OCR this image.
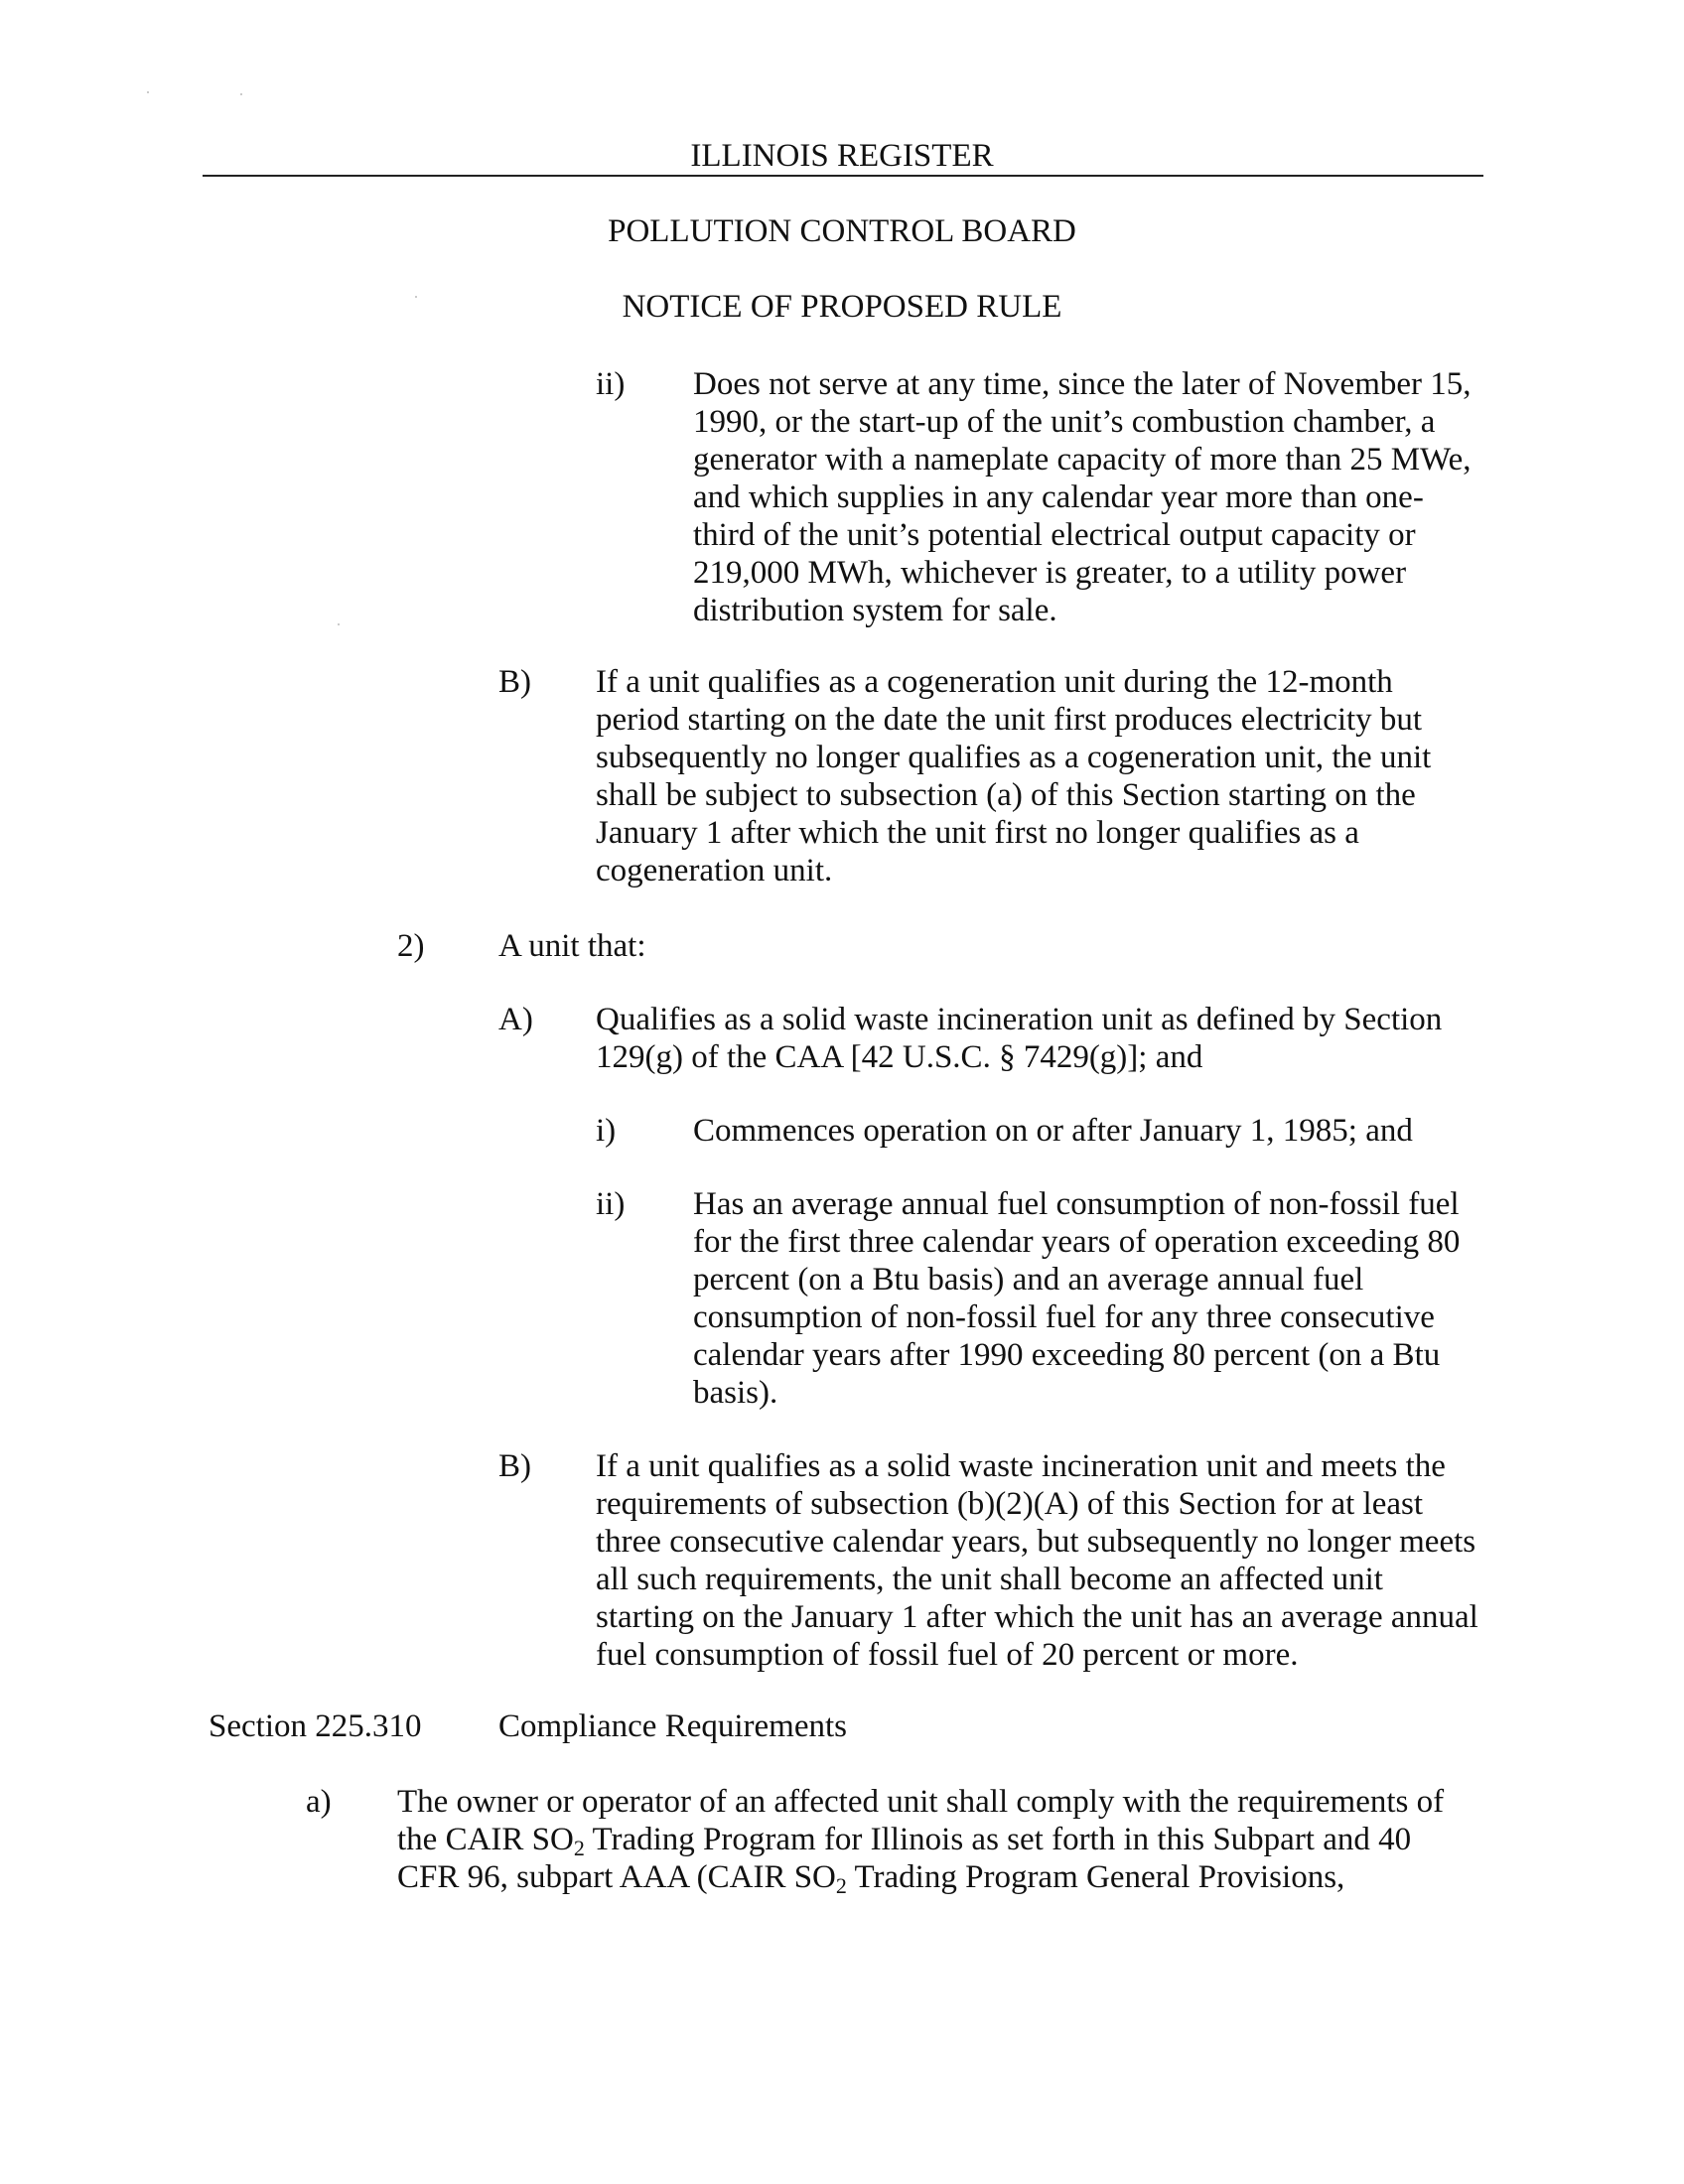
ILLINOIS REGISTER
POLLUTION CONTROL BOARD
NOTICE OF PROPOSED RULE
ii) Does not serve at any time, since the later of November 15,
1990, or the start-up of the unit’s combustion chamber, a
generator with a nameplate capacity of more than 25 MWe,
and which supplies in any calendar year more than one-
third of the unit’s potential electrical output capacity or
219,000 MWh, whichever is greater, to a utility power
distribution system for sale.
B) If a unit qualifies as a cogeneration unit during the 12-month
period starting on the date the unit first produces electricity but
subsequently no longer qualifies as a cogeneration unit, the unit
shall be subject to subsection (a) of this Section starting on the
January 1 after which the unit first no longer qualifies as a
cogeneration unit.
2) A unit that:
A) Qualifies as a solid waste incineration unit as defined by Section
129(g) of the CAA [42 U.S.C. § 7429(g)]; and
i) Commences operation on or after January 1, 1985; and
ii) Has an average annual fuel consumption of non-fossil fuel
for the first three calendar years of operation exceeding 80
percent (on a Btu basis) and an average annual fuel
consumption of non-fossil fuel for any three consecutive
calendar years after 1990 exceeding 80 percent (on a Btu
basis).
B) If a unit qualifies as a solid waste incineration unit and meets the
requirements of subsection (b)(2)(A) of this Section for at least
three consecutive calendar years, but subsequently no longer meets
all such requirements, the unit shall become an affected unit
starting on the January 1 after which the unit has an average annual
fuel consumption of fossil fuel of 20 percent or more.
Section 225.310 Compliance Requirements
a) The owner or operator of an affected unit shall comply with the requirements of
the CAIR $SO_2$ Trading Program for Illinois as set forth in this Subpart and 40
CFR 96, subpart AAA (CAIR $SO_2$ Trading Program General Provisions,
